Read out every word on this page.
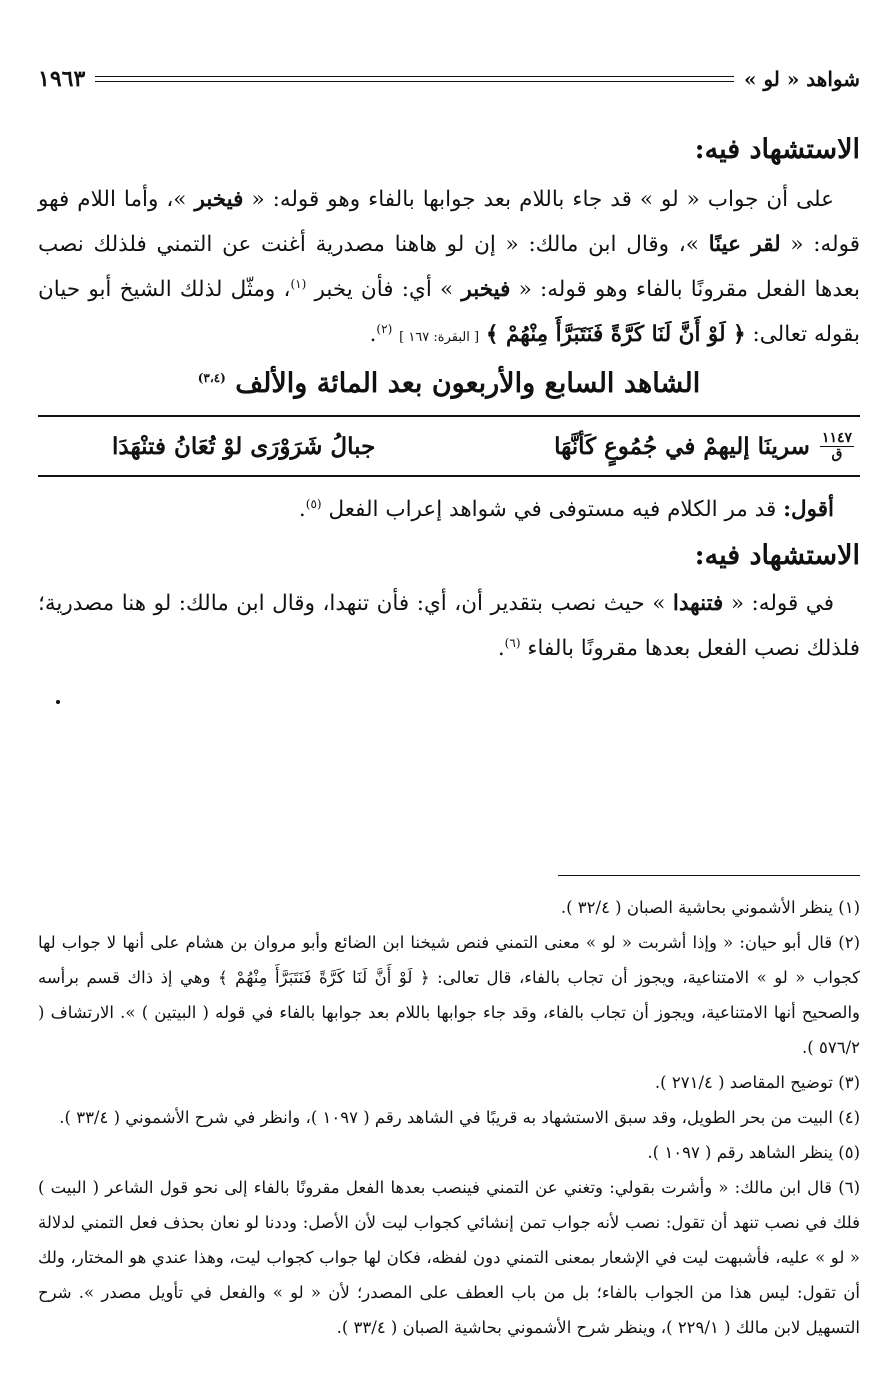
شواهد « لو »
١٩٦٣
الاستشهاد فيه:

على أن جواب « لو » قد جاء باللام بعد جوابها بالفاء وهو قوله: « فيخبر »، وأما اللام فهو قوله: « لقر عينًا »، وقال ابن مالك: « إن لو هاهنا مصدرية أغنت عن التمني فلذلك نصب بعدها الفعل مقرونًا بالفاء وهو قوله: « فيخبر » أي: فأن يخبر $^{(١)}$، ومثّل لذلك الشيخ أبو حيان بقوله تعالى: ﴿ لَوْ أَنَّ لَنَا كَرَّةً فَنَتَبَرَّأَ مِنْهُمْ ﴾ [ البقرة: ١٦٧ ] $^{(٢)}$.

الشاهد السابع والأربعون بعد المائة والألف $^{(٣،٤)}$
١١٤٧
ق
سرينَا إليهمْ في جُمُوعٍ كَأنَّهَا
جبالُ شَرَوْرَى لوْ تُعَانُ فتنْهَدَا

أقول: قد مر الكلام فيه مستوفى في شواهد إعراب الفعل $^{(٥)}$.

الاستشهاد فيه:

في قوله: « فتنهدا » حيث نصب بتقدير أن، أي: فأن تنهدا، وقال ابن مالك: لو هنا مصدرية؛ فلذلك نصب الفعل بعدها مقرونًا بالفاء $^{(٦)}$.

(١) ينظر الأشموني بحاشية الصبان ( ٣٢/٤ ).

(٢) قال أبو حيان: « وإذا أشربت « لو » معنى التمني فنص شيخنا ابن الضائع وأبو مروان بن هشام على أنها لا جواب لها كجواب « لو » الامتناعية، ويجوز أن تجاب بالفاء، قال تعالى: ﴿ لَوْ أَنَّ لَنَا كَرَّةً فَنَتَبَرَّأَ مِنْهُمْ ﴾ وهي إذ ذاك قسم برأسه والصحيح أنها الامتناعية، ويجوز أن تجاب بالفاء، وقد جاء جوابها باللام بعد جوابها بالفاء في قوله ( البيتين ) ». الارتشاف ( ٥٧٦/٢ ).

(٣) توضيح المقاصد ( ٢٧١/٤ ).

(٤) البيت من بحر الطويل، وقد سبق الاستشهاد به قريبًا في الشاهد رقم ( ١٠٩٧ )، وانظر في شرح الأشموني ( ٣٣/٤ ).

(٥) ينظر الشاهد رقم ( ١٠٩٧ ).

(٦) قال ابن مالك: « وأشرت بقولي: وتغني عن التمني فينصب بعدها الفعل مقرونًا بالفاء إلى نحو قول الشاعر ( البيت ) فلك في نصب تنهد أن تقول: نصب لأنه جواب تمن إنشائي كجواب ليت لأن الأصل: وددنا لو نعان بحذف فعل التمني لدلالة « لو » عليه، فأشبهت ليت في الإشعار بمعنى التمني دون لفظه، فكان لها جواب كجواب ليت، وهذا عندي هو المختار، ولك أن تقول: ليس هذا من الجواب بالفاء؛ بل من باب العطف على المصدر؛ لأن « لو » والفعل في تأويل مصدر ». شرح التسهيل لابن مالك ( ٢٢٩/١ )، وينظر شرح الأشموني بحاشية الصبان ( ٣٣/٤ ).
